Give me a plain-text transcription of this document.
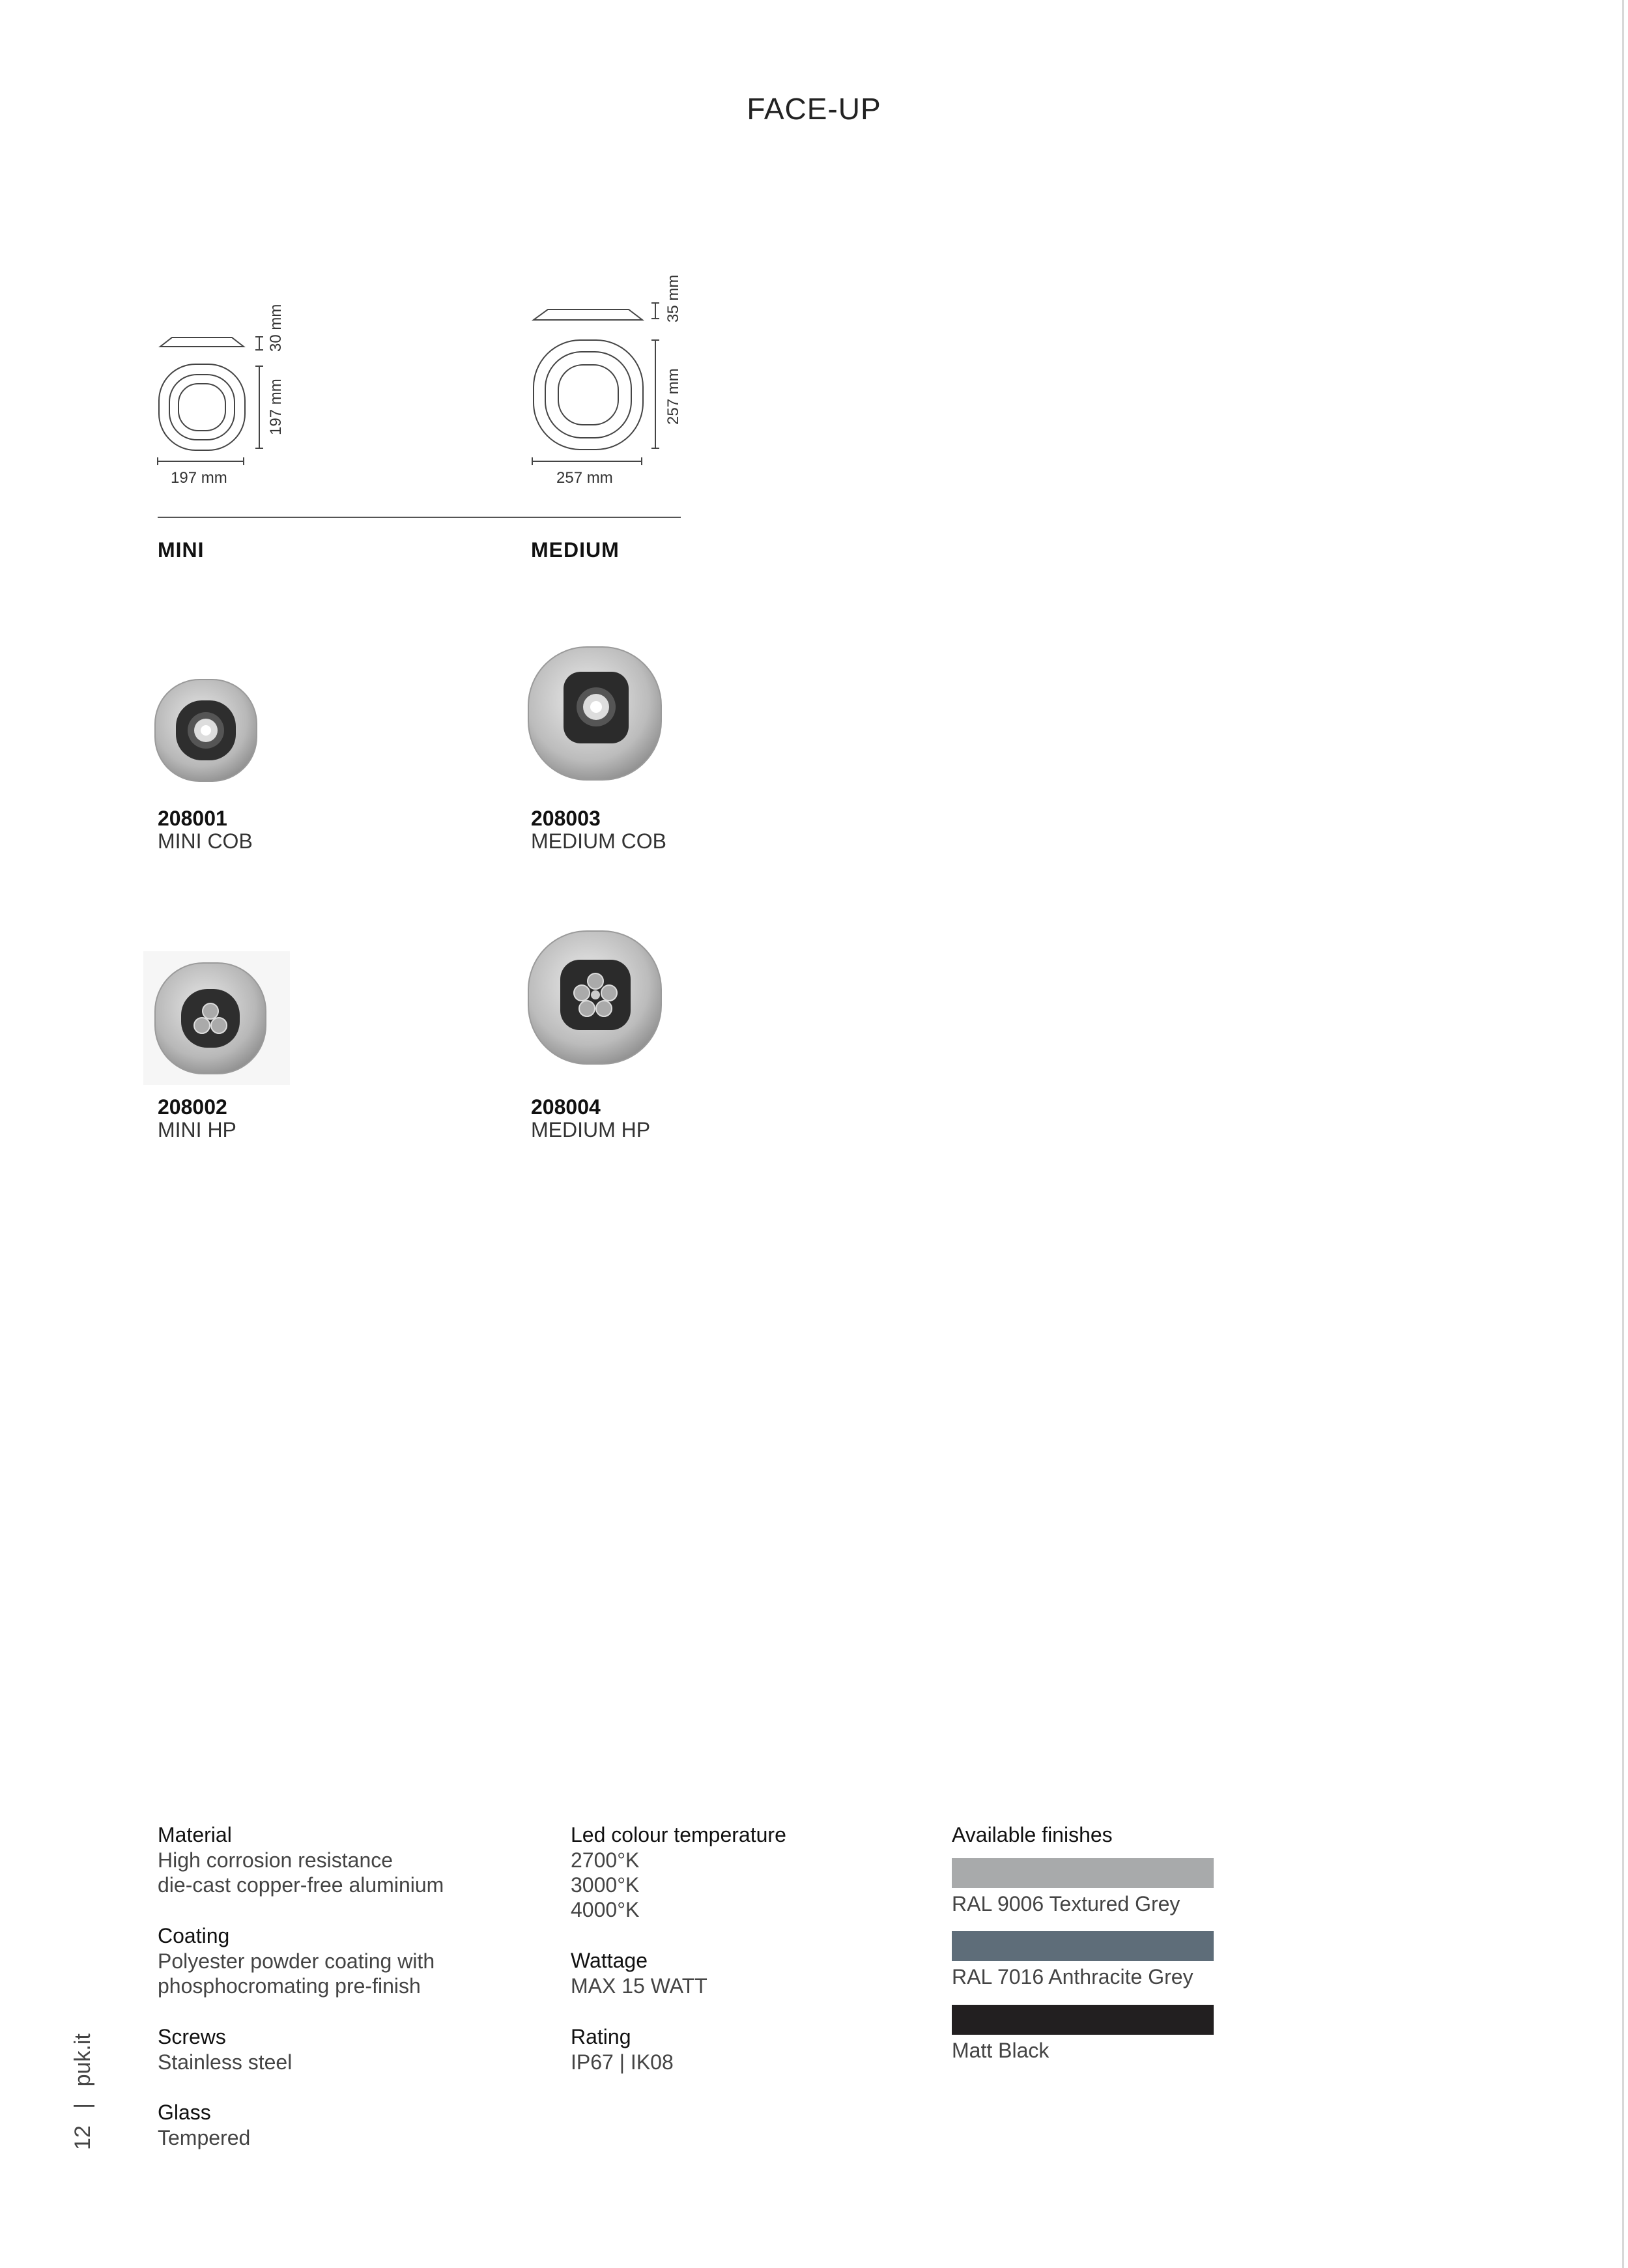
FACE-UP
30 mm
197 mm
197 mm
35 mm
257 mm
257 mm
MINI	MEDIUM
208001
MINI COB
208003
MEDIUM COB
208002
MINI HP
208004
MEDIUM HP
Material
High corrosion resistance
die-cast copper-free aluminium
Coating
Polyester powder coating with
phosphocromating pre-finish
Screws
Stainless steel
Glass
Tempered
Led colour temperature
2700°K
3000°K
4000°K
Wattage
MAX 15 WATT
Rating
IP67 | IK08
Available finishes
RAL 9006 Textured Grey
RAL 7016 Anthracite Grey
Matt Black
12 | puk.it
